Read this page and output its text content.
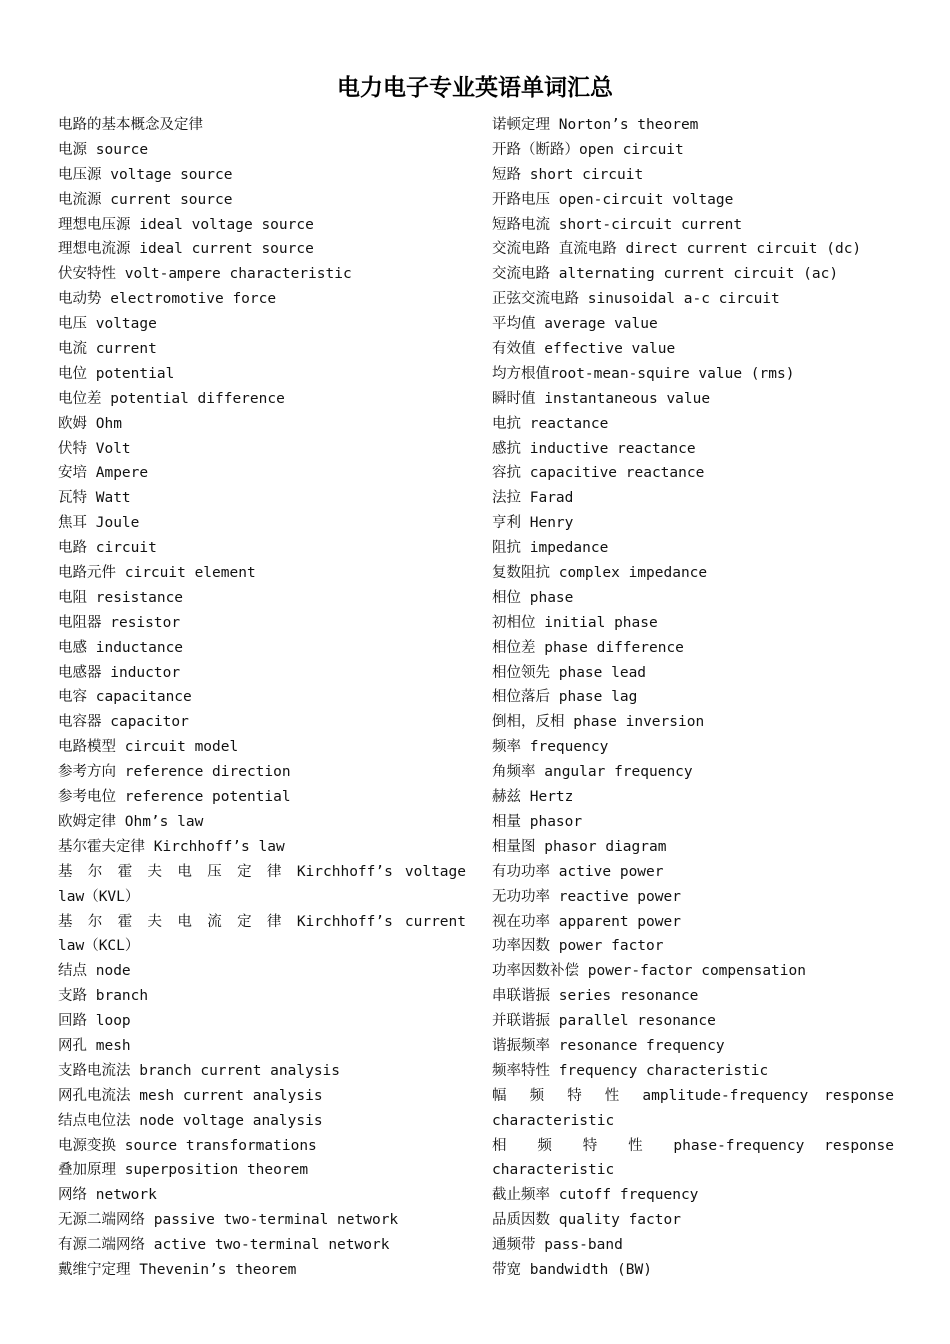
电力电子专业英语单词汇总
电路的基本概念及定律
电源 source
电压源 voltage source
电流源 current source
理想电压源 ideal voltage source
理想电流源 ideal current source
伏安特性 volt-ampere characteristic
电动势 electromotive force
电压 voltage
电流 current
电位 potential
电位差 potential difference
欧姆 Ohm
伏特 Volt
安培 Ampere
瓦特 Watt
焦耳 Joule
电路 circuit
电路元件 circuit element
电阻 resistance
电阻器 resistor
电感 inductance
电感器 inductor
电容 capacitance
电容器 capacitor
电路模型 circuit model
参考方向 reference direction
参考电位 reference potential
欧姆定律 Ohm’s law
基尔霍夫定律 Kirchhoff’s law
基 尔 霍 夫 电 压 定 律 Kirchhoff’s voltage
law（KVL）
基 尔 霍 夫 电 流 定 律 Kirchhoff’s current
law（KCL）
结点 node
支路 branch
回路 loop
网孔 mesh
支路电流法 branch current analysis
网孔电流法 mesh current analysis
结点电位法 node voltage analysis
电源变换 source transformations
叠加原理 superposition theorem
网络 network
无源二端网络 passive two-terminal network
有源二端网络 active two-terminal network
戴维宁定理 Thevenin’s theorem
诺顿定理 Norton’s theorem
开路（断路）open circuit
短路 short circuit
开路电压 open-circuit voltage
短路电流 short-circuit current
交流电路 直流电路 direct current circuit (dc)
交流电路 alternating current circuit (ac)
正弦交流电路 sinusoidal a-c circuit
平均值 average value
有效值 effective value
均方根值root-mean-squire value (rms)
瞬时值 instantaneous value
电抗 reactance
感抗 inductive reactance
容抗 capacitive reactance
法拉 Farad
亨利 Henry
阻抗 impedance
复数阻抗 complex impedance
相位 phase
初相位 initial phase
相位差 phase difference
相位领先 phase lead
相位落后 phase lag
倒相，反相 phase inversion
频率 frequency
角频率 angular frequency
赫兹 Hertz
相量 phasor
相量图 phasor diagram
有功功率 active power
无功功率 reactive power
视在功率 apparent power
功率因数 power factor
功率因数补偿 power-factor compensation
串联谐振 series resonance
并联谐振 parallel resonance
谐振频率 resonance frequency
频率特性 frequency characteristic
幅 频 特 性 amplitude-frequency response
characteristic
相 频 特 性 phase-frequency response
characteristic
截止频率 cutoff frequency
品质因数 quality factor
通频带 pass-band
带宽 bandwidth (BW)
